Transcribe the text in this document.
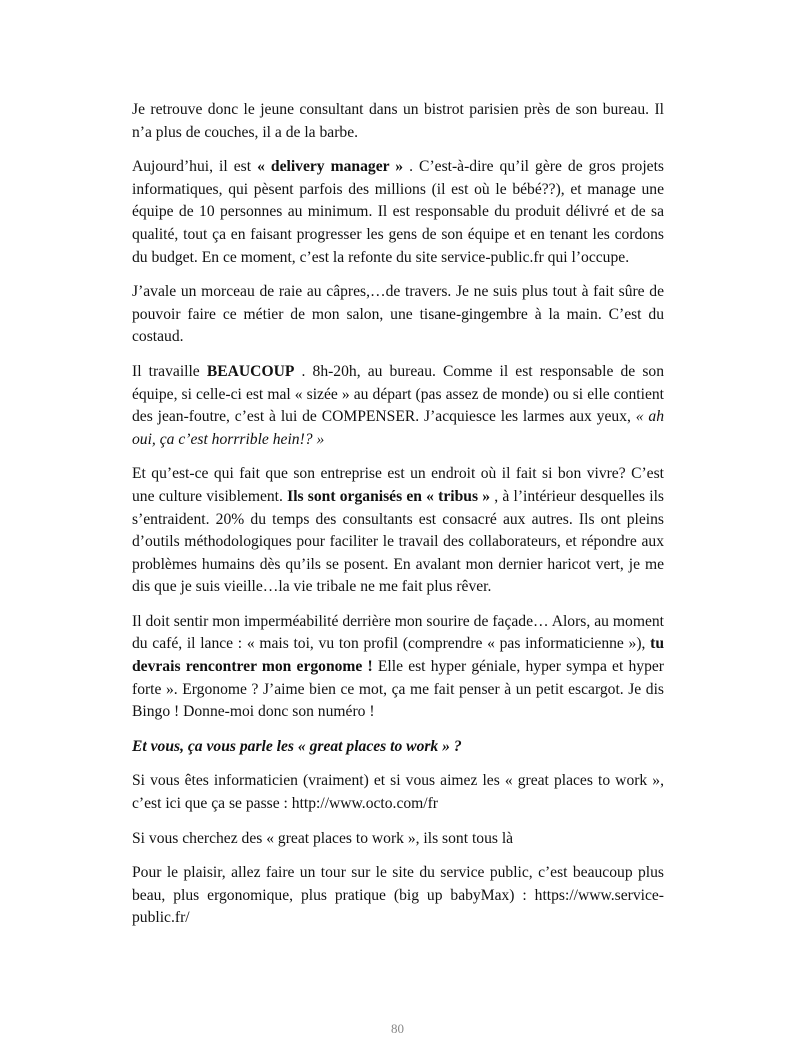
Je retrouve donc le jeune consultant dans un bistrot parisien près de son bureau. Il n’a plus de couches, il a de la barbe.

Aujourd’hui, il est « delivery manager » . C’est-à-dire qu’il gère de gros projets informatiques, qui pèsent parfois des millions (il est où le bébé??), et manage une équipe de 10 personnes au minimum. Il est responsable du produit délivré et de sa qualité, tout ça en faisant progresser les gens de son équipe et en tenant les cordons du budget. En ce moment, c’est la refonte du site service-public.fr qui l’occupe.

J’avale un morceau de raie au câpres,…de travers. Je ne suis plus tout à fait sûre de pouvoir faire ce métier de mon salon, une tisane-gingembre à la main. C’est du costaud.

Il travaille BEAUCOUP . 8h-20h, au bureau. Comme il est responsable de son équipe, si celle-ci est mal « sizée » au départ (pas assez de monde) ou si elle contient des jean-foutre, c’est à lui de COMPENSER. J’acquiesce les larmes aux yeux, « ah oui, ça c’est horrrible hein!? »

Et qu’est-ce qui fait que son entreprise est un endroit où il fait si bon vivre? C’est une culture visiblement. Ils sont organisés en « tribus » , à l’intérieur desquelles ils s’entraident. 20% du temps des consultants est consacré aux autres. Ils ont pleins d’outils méthodologiques pour faciliter le travail des collaborateurs, et répondre aux problèmes humains dès qu’ils se posent. En avalant mon dernier haricot vert, je me dis que je suis vieille…la vie tribale ne me fait plus rêver.

Il doit sentir mon imperméabilité derrière mon sourire de façade… Alors, au moment du café, il lance : « mais toi, vu ton profil (comprendre « pas informaticienne »), tu devrais rencontrer mon ergonome ! Elle est hyper géniale, hyper sympa et hyper forte ». Ergonome ? J’aime bien ce mot, ça me fait penser à un petit escargot. Je dis Bingo ! Donne-moi donc son numéro !

Et vous, ça vous parle les « great places to work » ?

Si vous êtes informaticien (vraiment) et si vous aimez les « great places to work », c’est ici que ça se passe : http://www.octo.com/fr

Si vous cherchez des « great places to work », ils sont tous là

Pour le plaisir, allez faire un tour sur le site du service public, c’est beaucoup plus beau, plus ergonomique, plus pratique (big up babyMax) : https://www.service-public.fr/

80
